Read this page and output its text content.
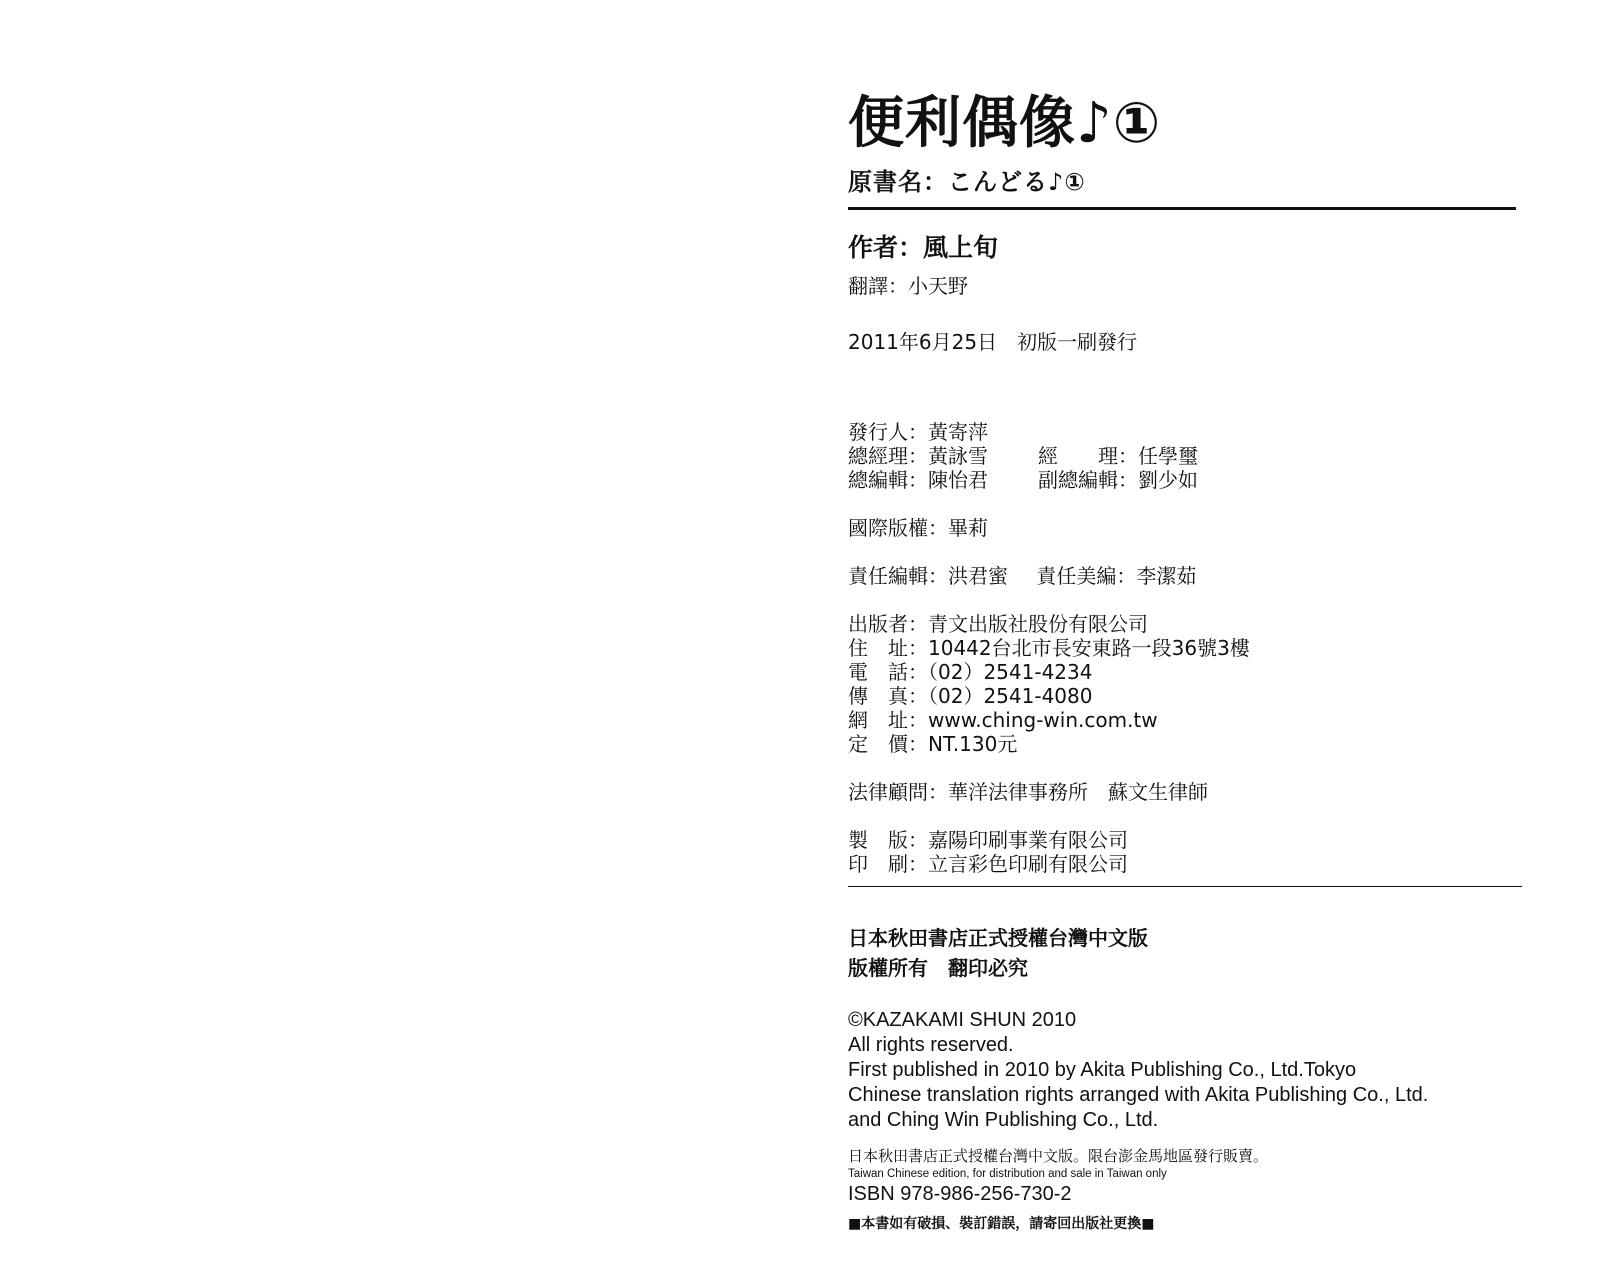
便利偶像♪①
原書名：こんどる♪①
作者：風上旬
翻譯：小天野
2011年6月25日　初版一刷發行
發行人：黃寄萍
總經理：黃詠雪	經　　理：任學璽
總編輯：陳怡君	副總編輯：劉少如
國際版權：畢莉
責任編輯：洪君蜜 責任美編：李潔茹
出版者：青文出版社股份有限公司
住　址：10442台北市長安東路一段36號3樓
電　話：（02）2541-4234
傳　真：（02）2541-4080
網　址：www.ching-win.com.tw
定　價：NT.130元
法律顧問：華洋法律事務所　蘇文生律師
製　版：嘉陽印刷事業有限公司
印　刷：立言彩色印刷有限公司
日本秋田書店正式授權台灣中文版
版權所有　翻印必究
©KAZAKAMI SHUN 2010
All rights reserved.
First published in 2010 by Akita Publishing Co., Ltd.Tokyo
Chinese translation rights arranged with Akita Publishing Co., Ltd.
and Ching Win Publishing Co., Ltd.
日本秋田書店正式授權台灣中文版。限台澎金馬地區發行販賣。
Taiwan Chinese edition, for distribution and sale in Taiwan only
ISBN 978-986-256-730-2
■本書如有破損、裝訂錯誤，請寄回出版社更換■
